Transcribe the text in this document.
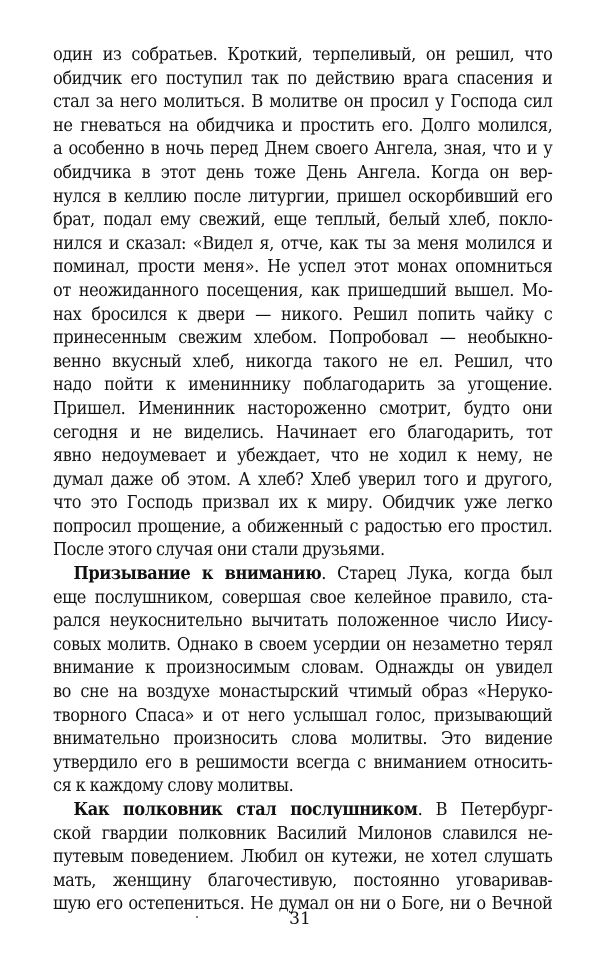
один из собратьев. Кроткий, терпеливый, он решил, что
обидчик его поступил так по действию врага спасения и
стал за него молиться. В молитве он просил у Господа сил
не гневаться на обидчика и простить его. Долго молился,
а особенно в ночь перед Днем своего Ангела, зная, что и у
обидчика в этот день тоже День Ангела. Когда он вер-
нулся в келлию после литургии, пришел оскорбивший его
брат, подал ему свежий, еще теплый, белый хлеб, покло-
нился и сказал: «Видел я, отче, как ты за меня молился и
поминал, прости меня». Не успел этот монах опомниться
от неожиданного посещения, как пришедший вышел. Мо-
нах бросился к двери — никого. Решил попить чайку с
принесенным свежим хлебом. Попробовал — необыкно-
венно вкусный хлеб, никогда такого не ел. Решил, что
надо пойти к имениннику поблагодарить за угощение.
Пришел. Именинник настороженно смотрит, будто они
сегодня и не виделись. Начинает его благодарить, тот
явно недоумевает и убеждает, что не ходил к нему, не
думал даже об этом. А хлеб? Хлеб уверил того и другого,
что это Господь призвал их к миру. Обидчик уже легко
попросил прощение, а обиженный с радостью его простил.
После этого случая они стали друзьями.
Призывание к вниманию. Старец Лука, когда был
еще послушником, совершая свое келейное правило, ста-
рался неукоснительно вычитать положенное число Иису-
совых молитв. Однако в своем усердии он незаметно терял
внимание к произносимым словам. Однажды он увидел
во сне на воздухе монастырский чтимый образ «Неруко-
творного Спаса» и от него услышал голос, призывающий
внимательно произносить слова молитвы. Это видение
утвердило его в решимости всегда с вниманием относить-
ся к каждому слову молитвы.
Как полковник стал послушником. В Петербург-
ской гвардии полковник Василий Милонов славился не-
путевым поведением. Любил он кутежи, не хотел слушать
мать, женщину благочестивую, постоянно уговаривав-
шую его остепениться. Не думал он ни о Боге, ни о Вечной
31
